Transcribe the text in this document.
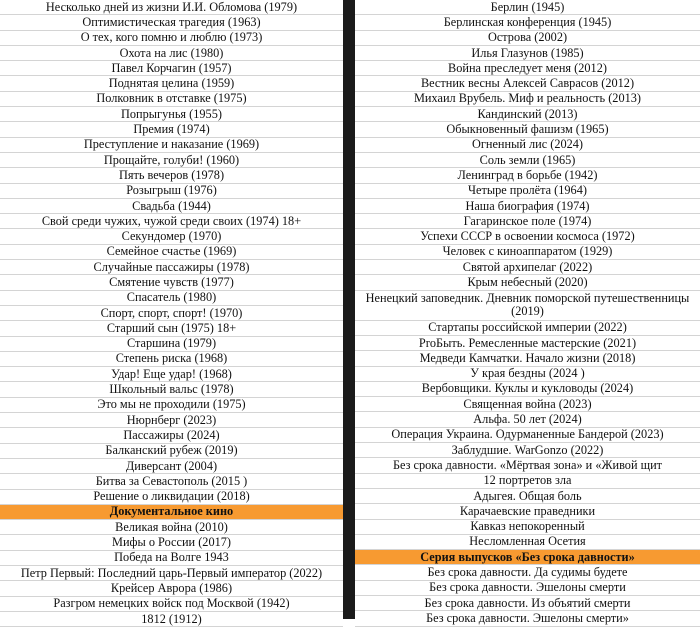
Несколько дней из жизни И.И. Обломова (1979)
Оптимистическая трагедия (1963)
О тех, кого помню и люблю (1973)
Охота на лис (1980)
Павел Корчагин (1957)
Поднятая целина (1959)
Полковник в отставке (1975)
Попрыгунья (1955)
Премия (1974)
Преступление и наказание (1969)
Прощайте, голуби! (1960)
Пять вечеров (1978)
Розыгрыш (1976)
Свадьба (1944)
Свой среди чужих, чужой среди своих (1974) 18+
Секундомер (1970)
Семейное счастье (1969)
Случайные пассажиры (1978)
Смятение чувств (1977)
Спасатель (1980)
Спорт, спорт, спорт! (1970)
Старший сын (1975) 18+
Старшина (1979)
Степень риска (1968)
Удар! Еще удар! (1968)
Школьный вальс (1978)
Это мы не проходили (1975)
Нюрнберг (2023)
Пассажиры (2024)
Балканский рубеж (2019)
Диверсант (2004)
Битва за Севастополь (2015 )
Решение о ликвидации (2018)
Документальное кино
Великая война (2010)
Мифы о России (2017)
Победа на Волге 1943
Петр Первый: Последний царь-Первый император (2022)
Крейсер Аврора (1986)
Разгром немецких войск под Москвой (1942)
1812 (1912)
Берлин (1945)
Берлинская конференция (1945)
Острова (2002)
Илья Глазунов (1985)
Война преследует меня (2012)
Вестник весны Алексей Саврасов (2012)
Михаил Врубель. Миф и реальность (2013)
Кандинский (2013)
Обыкновенный фашизм (1965)
Огненный лис (2024)
Соль земли (1965)
Ленинград в борьбе (1942)
Четыре пролёта (1964)
Наша биография (1974)
Гагаринское поле (1974)
Успехи СССР в освоении космоса (1972)
Человек с киноаппаратом (1929)
Святой архипелаг (2022)
Крым небесный (2020)
Ненецкий заповедник. Дневник поморской путешественницы (2019)
Стартапы российской империи (2022)
РroБыть. Ремесленные мастерские (2021)
Медведи Камчатки. Начало жизни (2018)
У края бездны (2024 )
Вербовщики. Куклы и кукловоды (2024)
Священная война (2023)
Альфа. 50 лет (2024)
Операция Украина. Одурманенные Бандерой (2023)
Заблудшие. WarGonzo (2022)
Без срока давности. «Мёртвая зона» и «Живой щит
12 портретов зла
Адыгея. Общая боль
Карачаевские праведники
Кавказ непокоренный
Несломленная Осетия
Серия выпусков «Без срока давности»
Без срока давности. Да судимы будете
Без срока давности. Эшелоны смерти
Без срока давности. Из объятий смерти
Без срока давности. Эшелоны смерти»
